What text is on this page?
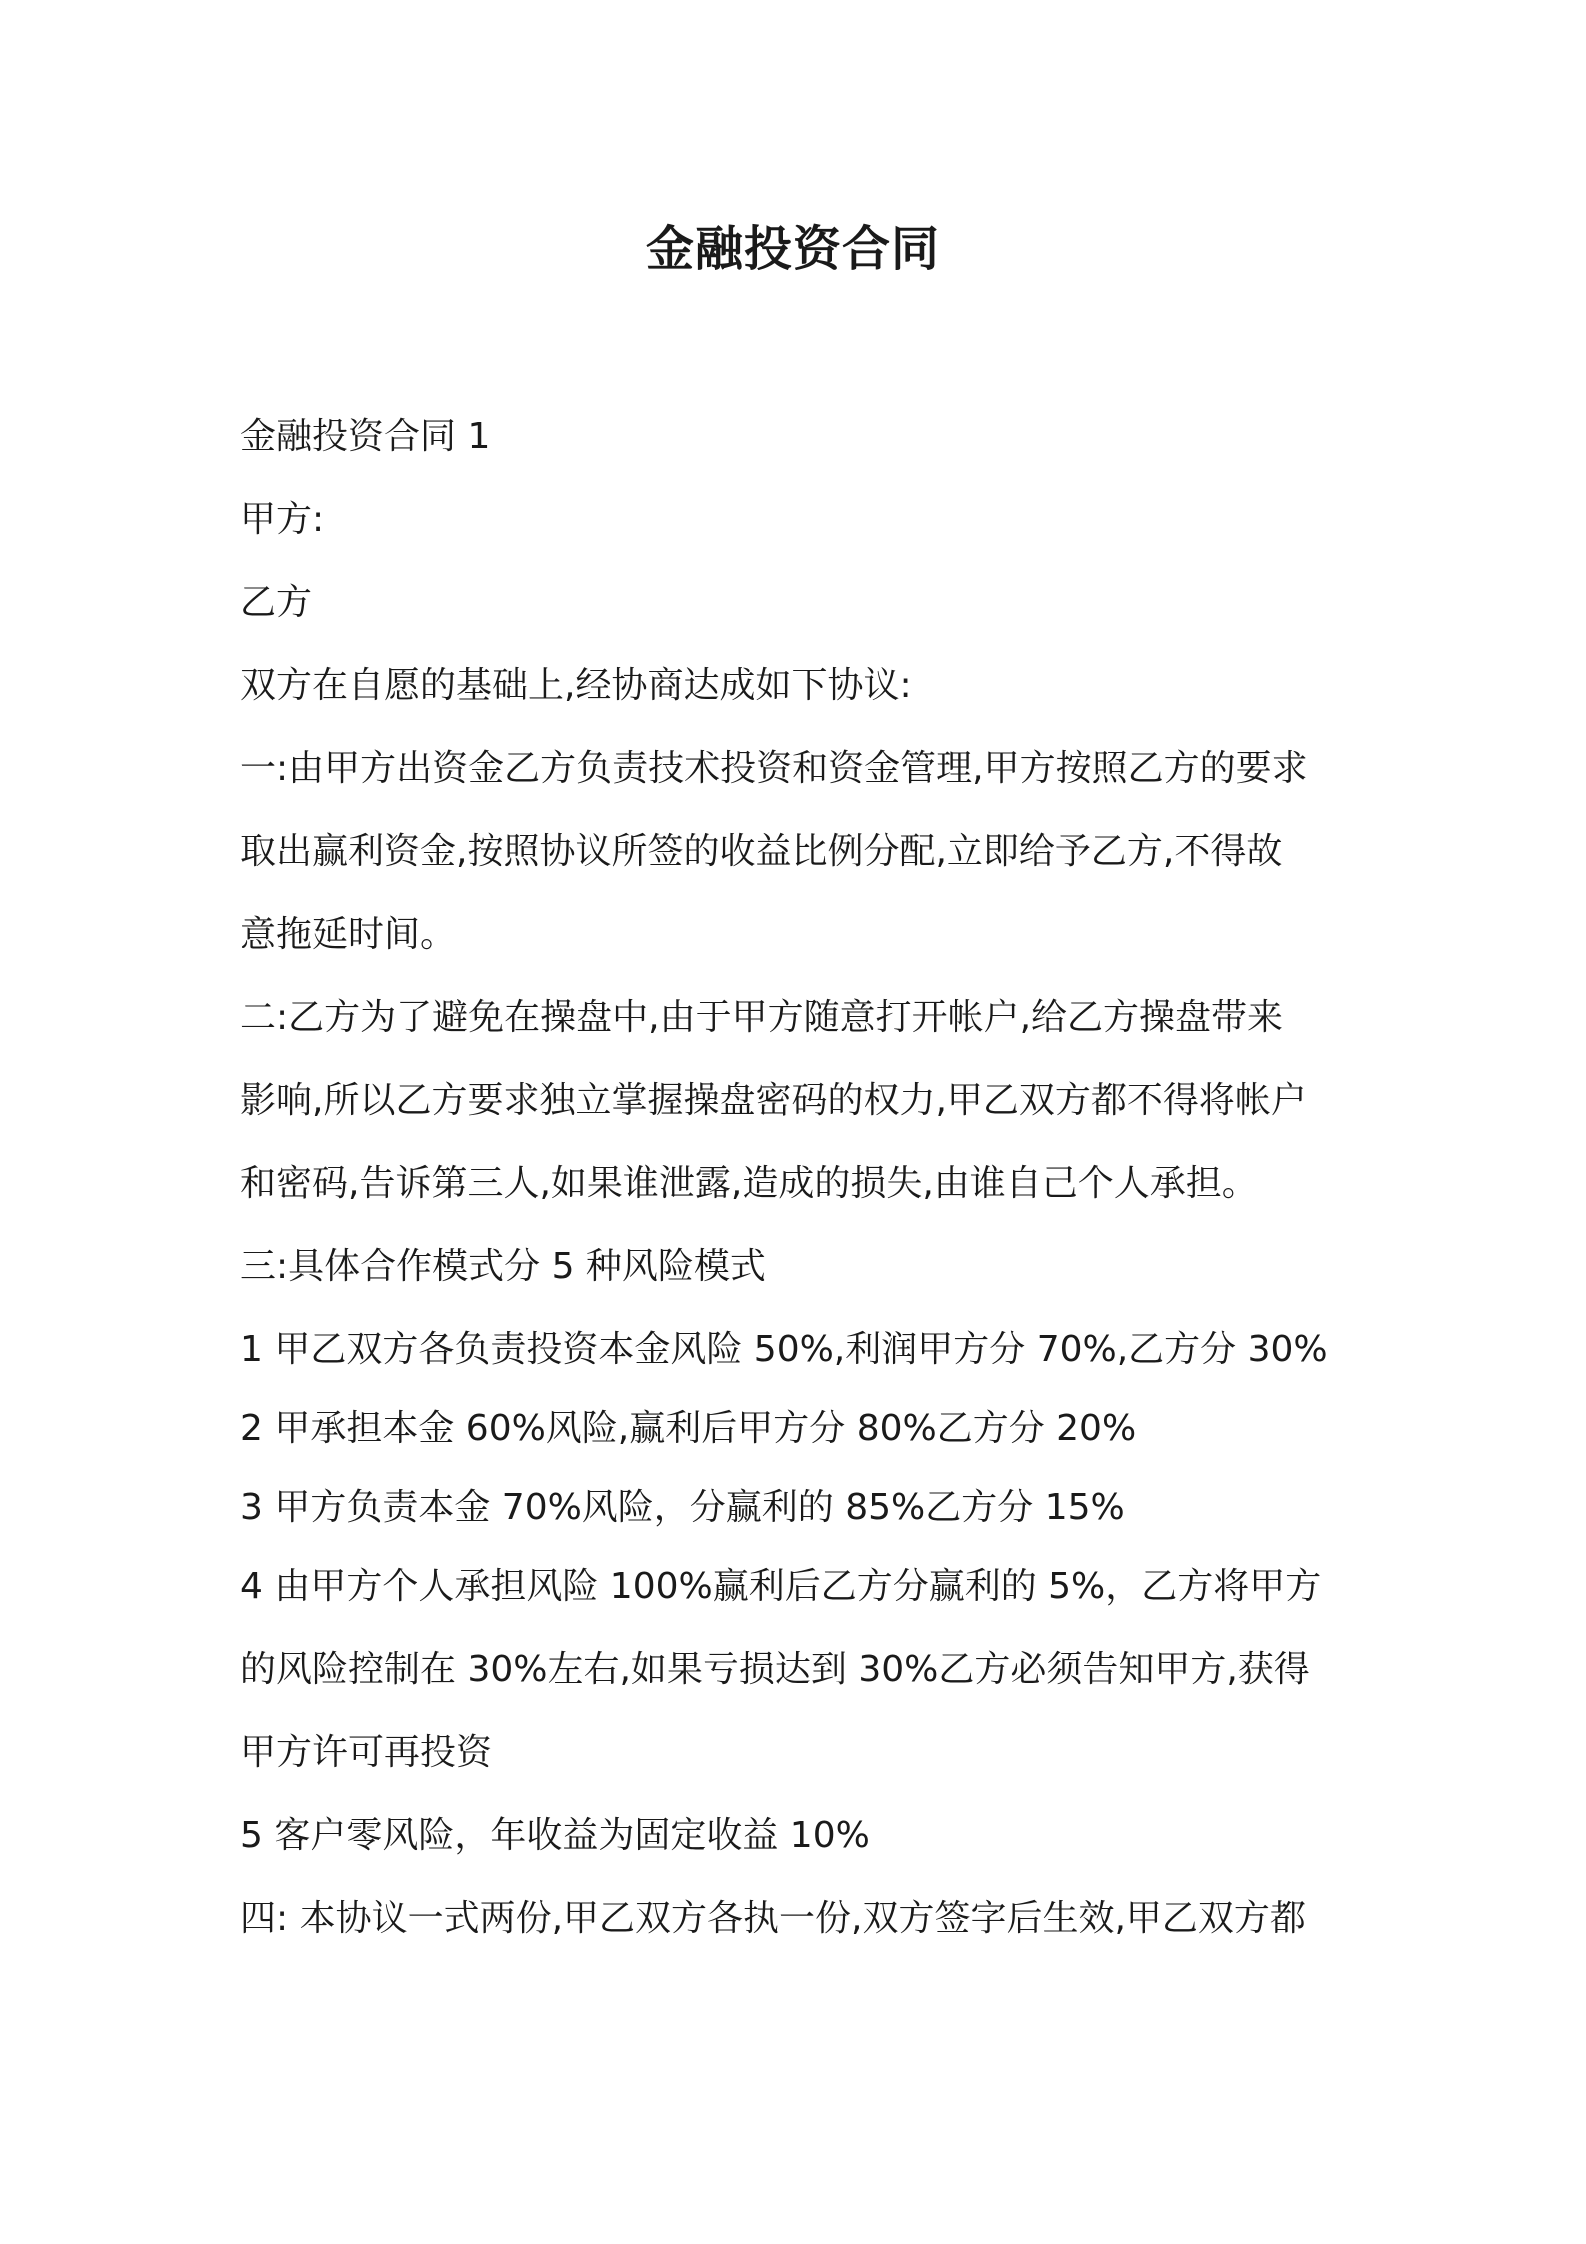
金融投资合同

金融投资合同 1

甲方:

乙方

双方在自愿的基础上,经协商达成如下协议:

一:由甲方出资金乙方负责技术投资和资金管理,甲方按照乙方的要求

取出赢利资金,按照协议所签的收益比例分配,立即给予乙方,不得故

意拖延时间。

二:乙方为了避免在操盘中,由于甲方随意打开帐户,给乙方操盘带来

影响,所以乙方要求独立掌握操盘密码的权力,甲乙双方都不得将帐户

和密码,告诉第三人,如果谁泄露,造成的损失,由谁自己个人承担。

三:具体合作模式分 5 种风险模式

1 甲乙双方各负责投资本金风险 50%,利润甲方分 70%,乙方分 30%

2 甲承担本金 60%风险,赢利后甲方分 80%乙方分 20%

3 甲方负责本金 70%风险，分赢利的 85%乙方分 15%

4 由甲方个人承担风险 100%赢利后乙方分赢利的 5%，乙方将甲方

的风险控制在 30%左右,如果亏损达到 30%乙方必须告知甲方,获得

甲方许可再投资

5 客户零风险，年收益为固定收益 10%

四: 本协议一式两份,甲乙双方各执一份,双方签字后生效,甲乙双方都
